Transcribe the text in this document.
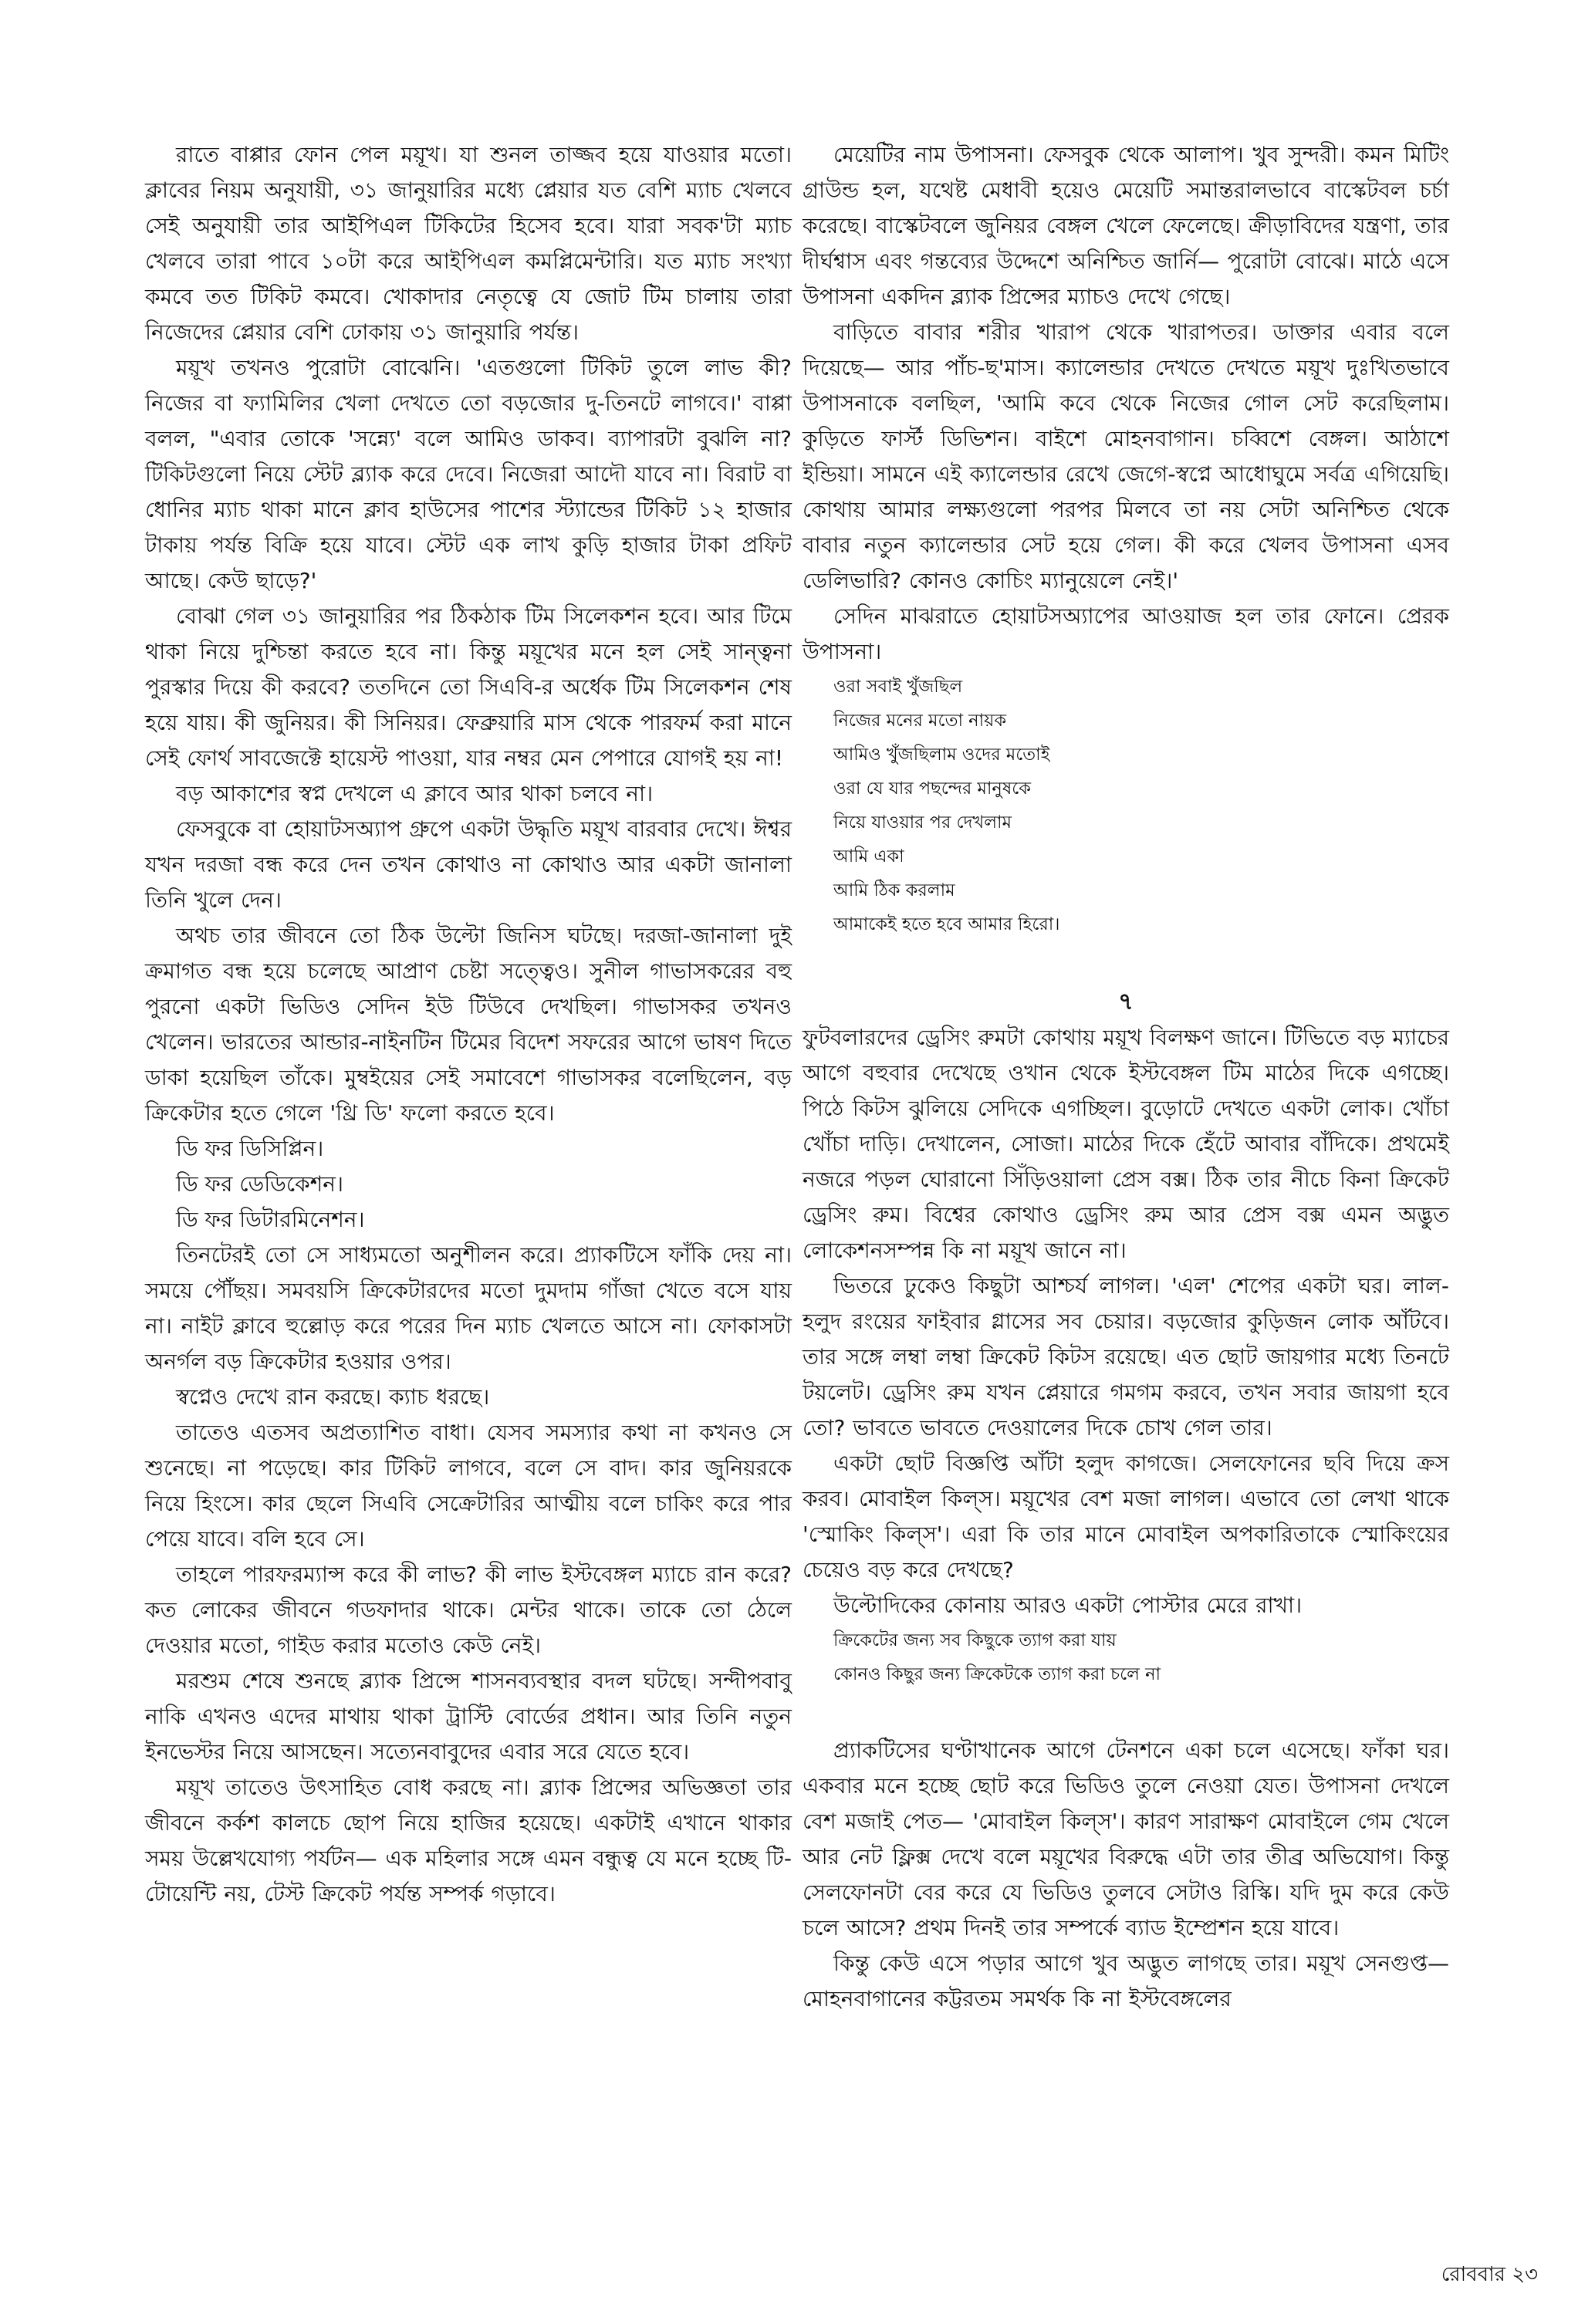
রাতে বাপ্পার ফোন পেল ময়ূখ। যা শুনল তাজ্জব হয়ে যাওয়ার মতো। ক্লাবের নিয়ম অনুযায়ী, ৩১ জানুয়ারির মধ্যে প্লেয়ার যত বেশি ম্যাচ খেলবে সেই অনুযায়ী তার আইপিএল টিকিটের হিসেব হবে। যারা সবক'টা ম্যাচ খেলবে তারা পাবে ১০টা করে আইপিএল কমপ্লিমেন্টারি। যত ম্যাচ সংখ্যা কমবে তত টিকিট কমবে। খোকাদার নেতৃত্বে যে জোট টিম চালায় তারা নিজেদের প্লেয়ার বেশি ঢোকায় ৩১ জানুয়ারি পর্যন্ত।

ময়ূখ তখনও পুরোটা বোঝেনি। 'এতগুলো টিকিট তুলে লাভ কী? নিজের বা ফ্যামিলির খেলা দেখতে তো বড়জোর দু-তিনটে লাগবে।' বাপ্পা বলল, "এবার তোকে 'সন্ন্যে' বলে আমিও ডাকব। ব্যাপারটা বুঝলি না? টিকিটগুলো নিয়ে স্টেট ব্ল্যাক করে দেবে। নিজেরা আদৌ যাবে না। বিরাট বা ধোনির ম্যাচ থাকা মানে ক্লাব হাউসের পাশের স্ট্যান্ডের টিকিট ১২ হাজার টাকায় পর্যন্ত বিক্রি হয়ে যাবে। স্টেট এক লাখ কুড়ি হাজার টাকা প্রফিট আছে। কেউ ছাড়ে?'

বোঝা গেল ৩১ জানুয়ারির পর ঠিকঠাক টিম সিলেকশন হবে। আর টিমে থাকা নিয়ে দুশ্চিন্তা করতে হবে না। কিন্তু ময়ূখের মনে হল সেই সান্ত্বনা পুরস্কার দিয়ে কী করবে? ততদিনে তো সিএবি-র অর্ধেক টিম সিলেকশন শেষ হয়ে যায়। কী জুনিয়র। কী সিনিয়র। ফেব্রুয়ারি মাস থেকে পারফর্ম করা মানে সেই ফোর্থ সাবজেক্টে হায়েস্ট পাওয়া, যার নম্বর মেন পেপারে যোগই হয় না!

বড় আকাশের স্বপ্ন দেখলে এ ক্লাবে আর থাকা চলবে না।

ফেসবুকে বা হোয়াটসঅ্যাপ গ্রুপে একটা উদ্ধৃতি ময়ূখ বারবার দেখে। ঈশ্বর যখন দরজা বন্ধ করে দেন তখন কোথাও না কোথাও আর একটা জানালা তিনি খুলে দেন।

অথচ তার জীবনে তো ঠিক উল্টো জিনিস ঘটছে। দরজা-জানালা দুই ক্রমাগত বন্ধ হয়ে চলেছে আপ্রাণ চেষ্টা সত্ত্বেও। সুনীল গাভাসকরের বহু পুরনো একটা ভিডিও সেদিন ইউ টিউবে দেখছিল। গাভাসকর তখনও খেলেন। ভারতের আন্ডার-নাইনটিন টিমের বিদেশ সফরের আগে ভাষণ দিতে ডাকা হয়েছিল তাঁকে। মুম্বইয়ের সেই সমাবেশে গাভাসকর বলেছিলেন, বড় ক্রিকেটার হতে গেলে 'থ্রি ডি' ফলো করতে হবে।

ডি ফর ডিসিপ্লিন।

ডি ফর ডেডিকেশন।

ডি ফর ডিটারমিনেশন।

তিনটেরই তো সে সাধ্যমতো অনুশীলন করে। প্র্যাকটিসে ফাঁকি দেয় না। সময়ে পৌঁছয়। সমবয়সি ক্রিকেটারদের মতো দুমদাম গাঁজা খেতে বসে যায় না। নাইট ক্লাবে হুল্লোড় করে পরের দিন ম্যাচ খেলতে আসে না। ফোকাসটা অনর্গল বড় ক্রিকেটার হওয়ার ওপর।

স্বপ্নেও দেখে রান করছে। ক্যাচ ধরছে।

তাতেও এতসব অপ্রত্যাশিত বাধা। যেসব সমস্যার কথা না কখনও সে শুনেছে। না পড়েছে। কার টিকিট লাগবে, বলে সে বাদ। কার জুনিয়রকে নিয়ে হিংসে। কার ছেলে সিএবি সেক্রেটারির আত্মীয় বলে চাকিং করে পার পেয়ে যাবে। বলি হবে সে।

তাহলে পারফরম্যান্স করে কী লাভ? কী লাভ ইস্টবেঙ্গল ম্যাচে রান করে? কত লোকের জীবনে গডফাদার থাকে। মেন্টর থাকে। তাকে তো ঠেলে দেওয়ার মতো, গাইড করার মতোও কেউ নেই।

মরশুম শেষে শুনছে ব্ল্যাক প্রিন্সে শাসনব্যবস্থার বদল ঘটছে। সন্দীপবাবু নাকি এখনও এদের মাথায় থাকা ট্রাস্টি বোর্ডের প্রধান। আর তিনি নতুন ইনভেস্টর নিয়ে আসছেন। সত্যেনবাবুদের এবার সরে যেতে হবে।

ময়ূখ তাতেও উৎসাহিত বোধ করছে না। ব্ল্যাক প্রিন্সের অভিজ্ঞতা তার জীবনে কর্কশ কালচে ছোপ নিয়ে হাজির হয়েছে। একটাই এখানে থাকার সময় উল্লেখযোগ্য পর্যটন— এক মহিলার সঙ্গে এমন বন্ধুত্ব যে মনে হচ্ছে টি-টোয়েন্টি নয়, টেস্ট ক্রিকেট পর্যন্ত সম্পর্ক গড়াবে।

মেয়েটির নাম উপাসনা। ফেসবুক থেকে আলাপ। খুব সুন্দরী। কমন মিটিং গ্রাউন্ড হল, যথেষ্ট মেধাবী হয়েও মেয়েটি সমান্তরালভাবে বাস্কেটবল চর্চা করেছে। বাস্কেটবলে জুনিয়র বেঙ্গল খেলে ফেলেছে। ক্রীড়াবিদের যন্ত্রণা, তার দীর্ঘশ্বাস এবং গন্তব্যের উদ্দেশে অনিশ্চিত জার্নি— পুরোটা বোঝে। মাঠে এসে উপাসনা একদিন ব্ল্যাক প্রিন্সের ম্যাচও দেখে গেছে।

বাড়িতে বাবার শরীর খারাপ থেকে খারাপতর। ডাক্তার এবার বলে দিয়েছে— আর পাঁচ-ছ'মাস। ক্যালেন্ডার দেখতে দেখতে ময়ূখ দুঃখিতভাবে উপাসনাকে বলছিল, 'আমি কবে থেকে নিজের গোল সেট করেছিলাম। কুড়িতে ফার্স্ট ডিভিশন। বাইশে মোহনবাগান। চব্বিশে বেঙ্গল। আঠাশে ইন্ডিয়া। সামনে এই ক্যালেন্ডার রেখে জেগে-স্বপ্নে আধোঘুমে সর্বত্র এগিয়েছি। কোথায় আমার লক্ষ্যগুলো পরপর মিলবে তা নয় সেটা অনিশ্চিত থেকে বাবার নতুন ক্যালেন্ডার সেট হয়ে গেল। কী করে খেলব উপাসনা এসব ডেলিভারি? কোনও কোচিং ম্যানুয়েলে নেই।'

সেদিন মাঝরাতে হোয়াটসঅ্যাপের আওয়াজ হল তার ফোনে। প্রেরক উপাসনা।

ওরা সবাই খুঁজছিল

নিজের মনের মতো নায়ক

আমিও খুঁজছিলাম ওদের মতোই

ওরা যে যার পছন্দের মানুষকে

নিয়ে যাওয়ার পর দেখলাম

আমি একা

আমি ঠিক করলাম

আমাকেই হতে হবে আমার হিরো।

৭

ফুটবলারদের ড্রেসিং রুমটা কোথায় ময়ূখ বিলক্ষণ জানে। টিভিতে বড় ম্যাচের আগে বহুবার দেখেছে ওখান থেকে ইস্টবেঙ্গল টিম মাঠের দিকে এগচ্ছে। পিঠে কিটস ঝুলিয়ে সেদিকে এগচ্ছিল। বুড়োটে দেখতে একটা লোক। খোঁচা খোঁচা দাড়ি। দেখালেন, সোজা। মাঠের দিকে হেঁটে আবার বাঁদিকে। প্রথমেই নজরে পড়ল ঘোরানো সিঁড়িওয়ালা প্রেস বক্স। ঠিক তার নীচে কিনা ক্রিকেট ড্রেসিং রুম। বিশ্বের কোথাও ড্রেসিং রুম আর প্রেস বক্স এমন অদ্ভুত লোকেশনসম্পন্ন কি না ময়ূখ জানে না।

ভিতরে ঢুকেও কিছুটা আশ্চর্য লাগল। 'এল' শেপের একটা ঘর। লাল-হলুদ রংয়ের ফাইবার গ্লাসের সব চেয়ার। বড়জোর কুড়িজন লোক আঁটবে। তার সঙ্গে লম্বা লম্বা ক্রিকেট কিটস রয়েছে। এত ছোট জায়গার মধ্যে তিনটে টয়লেট। ড্রেসিং রুম যখন প্লেয়ারে গমগম করবে, তখন সবার জায়গা হবে তো? ভাবতে ভাবতে দেওয়ালের দিকে চোখ গেল তার।

একটা ছোট বিজ্ঞপ্তি আঁটা হলুদ কাগজে। সেলফোনের ছবি দিয়ে ক্রস করব। মোবাইল কিল্‌স। ময়ূখের বেশ মজা লাগল। এভাবে তো লেখা থাকে 'স্মোকিং কিল্‌স'। এরা কি তার মানে মোবাইল অপকারিতাকে স্মোকিংয়ের চেয়েও বড় করে দেখছে?

উল্টোদিকের কোনায় আরও একটা পোস্টার মেরে রাখা।

ক্রিকেটের জন্য সব কিছুকে ত্যাগ করা যায়

কোনও কিছুর জন্য ক্রিকেটকে ত্যাগ করা চলে না

প্র্যাকটিসের ঘণ্টাখানেক আগে টেনশনে একা চলে এসেছে। ফাঁকা ঘর। একবার মনে হচ্ছে ছোট করে ভিডিও তুলে নেওয়া যেত। উপাসনা দেখলে বেশ মজাই পেত— 'মোবাইল কিল্‌স'। কারণ সারাক্ষণ মোবাইলে গেম খেলে আর নেট ফ্লিক্স দেখে বলে ময়ূখের বিরুদ্ধে এটা তার তীব্র অভিযোগ। কিন্তু সেলফোনটা বের করে যে ভিডিও তুলবে সেটাও রিস্কি। যদি দুম করে কেউ চলে আসে? প্রথম দিনই তার সম্পর্কে ব্যাড ইম্প্রেশন হয়ে যাবে।

কিন্তু কেউ এসে পড়ার আগে খুব অদ্ভুত লাগছে তার। ময়ূখ সেনগুপ্ত— মোহনবাগানের কট্টরতম সমর্থক কি না ইস্টবেঙ্গলের

রোববার ২৩
